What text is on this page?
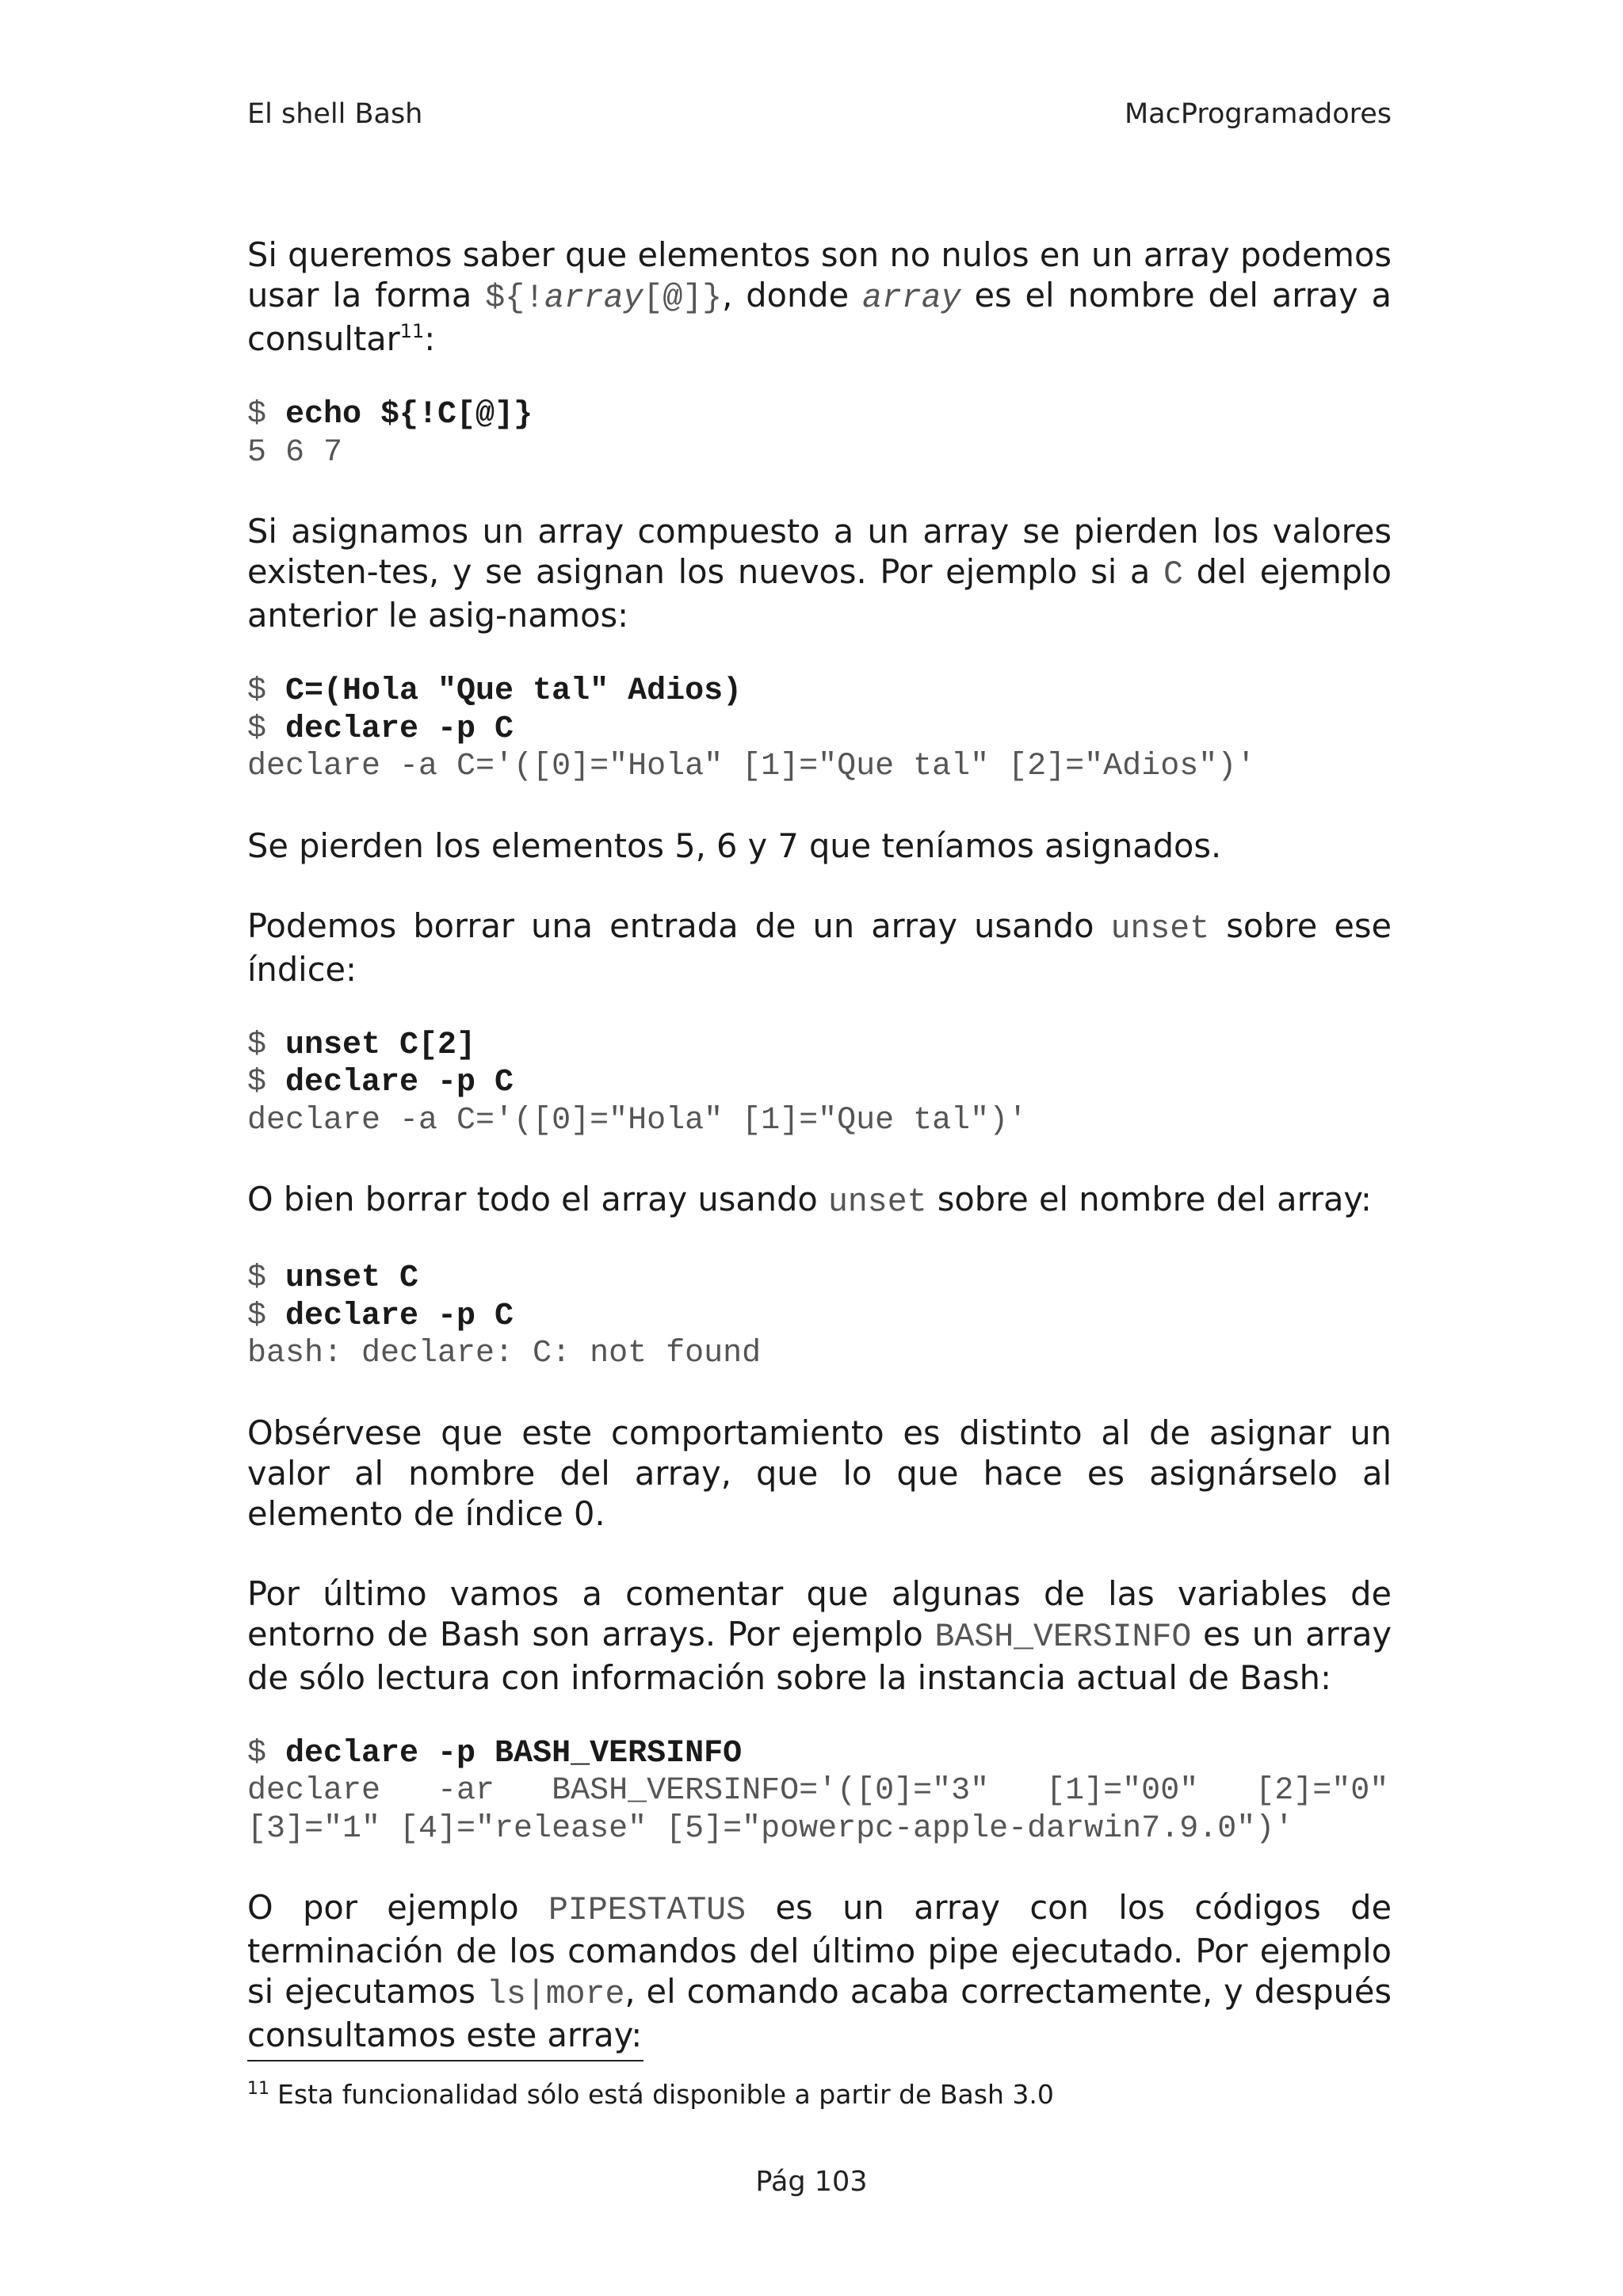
El shell Bash	MacProgramadores

Si queremos saber que elementos son no nulos en un array podemos usar la forma ${!array[@]}, donde array es el nombre del array a consultar$^{11}$:

$ echo ${!C[@]}
5 6 7

Si asignamos un array compuesto a un array se pierden los valores existen-tes, y se asignan los nuevos. Por ejemplo si a C del ejemplo anterior le asig-namos:

$ C=(Hola "Que tal" Adios)
$ declare -p C
declare -a C='([0]="Hola" [1]="Que tal" [2]="Adios")'

Se pierden los elementos 5, 6 y 7 que teníamos asignados.

Podemos borrar una entrada de un array usando unset sobre ese índice:

$ unset C[2]
$ declare -p C
declare -a C='([0]="Hola" [1]="Que tal")'

O bien borrar todo el array usando unset sobre el nombre del array:

$ unset C
$ declare -p C
bash: declare: C: not found

Obsérvese que este comportamiento es distinto al de asignar un valor al nombre del array, que lo que hace es asignárselo al elemento de índice 0.

Por último vamos a comentar que algunas de las variables de entorno de Bash son arrays. Por ejemplo BASH_VERSINFO es un array de sólo lectura con información sobre la instancia actual de Bash:

$ declare -p BASH_VERSINFO
declare   -ar   BASH_VERSINFO='([0]="3"   [1]="00"   [2]="0"
[3]="1" [4]="release" [5]="powerpc-apple-darwin7.9.0")'

O por ejemplo PIPESTATUS es un array con los códigos de terminación de los comandos del último pipe ejecutado. Por ejemplo si ejecutamos ls|more, el comando acaba correctamente, y después consultamos este array:

$^{11}$ Esta funcionalidad sólo está disponible a partir de Bash 3.0
Pág 103
